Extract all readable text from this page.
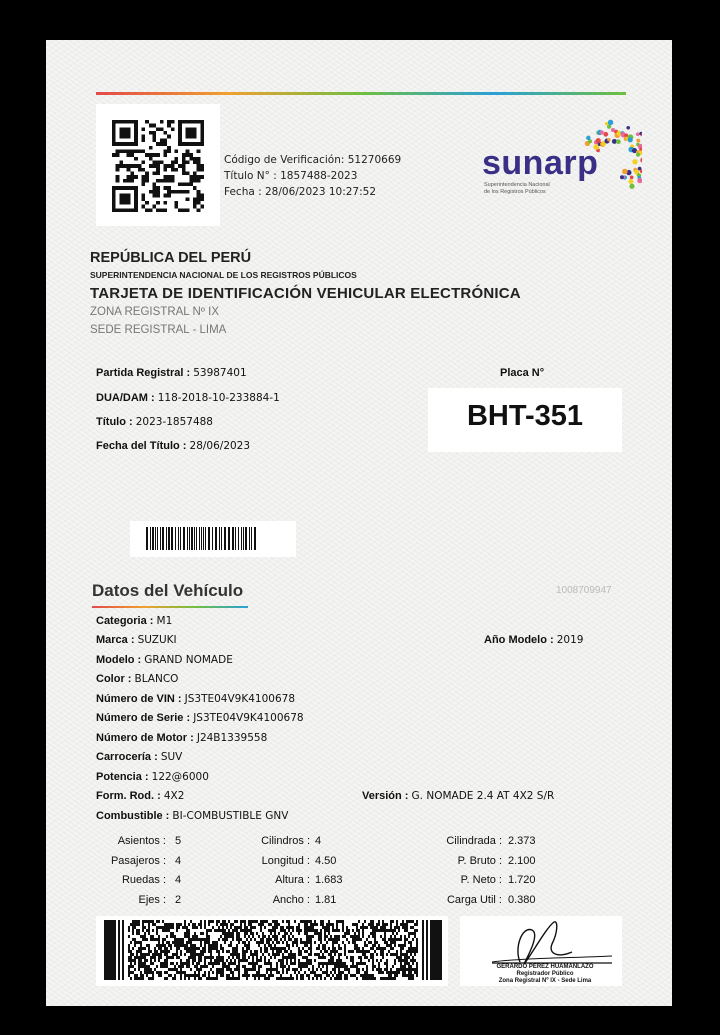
Código de Verificación: 51270669
Título N° : 1857488-2023
Fecha : 28/06/2023 10:27:52
sunarp
Superintendencia Nacional
de los Registros Públicos
REPÚBLICA DEL PERÚ
SUPERINTENDENCIA NACIONAL DE LOS REGISTROS PÚBLICOS
TARJETA DE IDENTIFICACIÓN VEHICULAR ELECTRÓNICA
ZONA REGISTRAL Nº IX
SEDE REGISTRAL - LIMA
Partida Registral : 53987401
DUA/DAM : 118-2018-10-233884-1
Título : 2023-1857488
Fecha del Título : 28/06/2023
Placa N°
BHT-351
Datos del Vehículo	1008709947
Categoria : M1
Marca : SUZUKI	Año Modelo : 2019
Modelo : GRAND NOMADE
Color : BLANCO
Número de VIN : JS3TE04V9K4100678
Número de Serie : JS3TE04V9K4100678
Número de Motor : J24B1339558
Carrocería : SUV
Potencia : 122@6000
Form. Rod. : 4X2	Versión : G. NOMADE 2.4 AT 4X2 S/R
Combustible : BI-COMBUSTIBLE GNV
Asientos : 5	Cilindros : 4	Cilindrada : 2.373
Pasajeros : 4	Longitud : 4.50	P. Bruto : 2.100
Ruedas : 4	Altura : 1.683	P. Neto : 1.720
Ejes : 2	Ancho : 1.81	Carga Util : 0.380
GERARDO PEREZ HUAMANLAZO
Registrador Público
Zona Registral Nº IX - Sede Lima
